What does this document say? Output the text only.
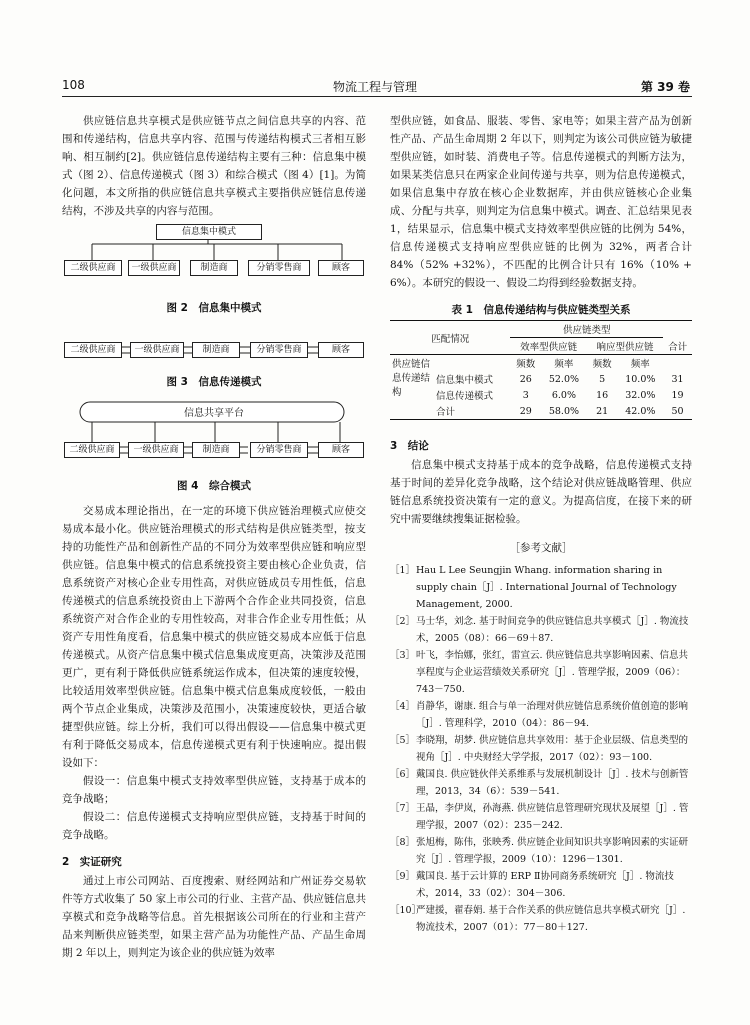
108	物流工程与管理	第 39 卷

供应链信息共享模式是供应链节点之间信息共享的内容、范围和传递结构，信息共享内容、范围与传递结构模式三者相互影响、相互制约[2]。供应链信息传递结构主要有三种：信息集中模式（图 2）、信息传递模式（图 3）和综合模式（图 4）[1]。为简化问题，本文所指的供应链信息共享模式主要指供应链信息传递结构，不涉及共享的内容与范围。

信息集中模式
二级供应商	一级供应商	制造商	分销零售商	顾客
图 2　信息集中模式
二级供应商	一级供应商	制造商	分销零售商	顾客
图 3　信息传递模式
信息共享平台
二级供应商	一级供应商	制造商	分销零售商	顾客
图 4　综合模式

交易成本理论指出，在一定的环境下供应链治理模式应使交易成本最小化。供应链治理模式的形式结构是供应链类型，按支持的功能性产品和创新性产品的不同分为效率型供应链和响应型供应链。信息集中模式的信息系统投资主要由核心企业负责，信息系统资产对核心企业专用性高，对供应链成员专用性低，信息传递模式的信息系统投资由上下游两个合作企业共同投资，信息系统资产对合作企业的专用性较高，对非合作企业专用性低；从资产专用性角度看，信息集中模式的供应链交易成本应低于信息传递模式。从资产信息集中模式信息集成度更高，决策涉及范围更广，更有利于降低供应链系统运作成本，但决策的速度较慢，比较适用效率型供应链。信息集中模式信息集成度较低，一般由两个节点企业集成，决策涉及范围小，决策速度较快，更适合敏捷型供应链。综上分析，我们可以得出假设——信息集中模式更有利于降低交易成本，信息传递模式更有利于快速响应。提出假设如下：

假设一：信息集中模式支持效率型供应链，支持基于成本的竞争战略；

假设二：信息传递模式支持响应型供应链，支持基于时间的竞争战略。

2　实证研究

通过上市公司网站、百度搜索、财经网站和广州证券交易软件等方式收集了 50 家上市公司的行业、主营产品、供应链信息共享模式和竞争战略等信息。首先根据该公司所在的行业和主营产品来判断供应链类型，如果主营产品为功能性产品、产品生命周期 2 年以上，则判定为该企业的供应链为效率

型供应链，如食品、服装、零售、家电等；如果主营产品为创新性产品、产品生命周期 2 年以下，则判定为该公司供应链为敏捷型供应链，如时装、消费电子等。信息传递模式的判断方法为，如果某类信息只在两家企业间传递与共享，则为信息传递模式，如果信息集中存放在核心企业数据库，并由供应链核心企业集成、分配与共享，则判定为信息集中模式。调查、汇总结果见表 1，结果显示，信息集中模式支持效率型供应链的比例为 54%，信息传递模式支持响应型供应链的比例为 32%，两者合计 84%（52% +32%），不匹配的比例合计只有 16%（10% + 6%）。本研究的假设一、假设二均得到经验数据支持。

表 1　信息传递结构与供应链类型关系
匹配情况		供应链类型				
		效率型供应链		响应型供应链		合计
供应链信息传递结构		频数	频率	频数	频率	
	信息集中模式	26	52.0%	5	10.0%	31
	信息传递模式	3	6.0%	16	32.0%	19
	合计	29	58.0%	21	42.0%	50
3　结论

信息集中模式支持基于成本的竞争战略，信息传递模式支持基于时间的差异化竞争战略，这个结论对供应链战略管理、供应链信息系统投资决策有一定的意义。为提高信度，在接下来的研究中需要继续搜集证据检验。

［参考文献］
［1］ Hau L Lee Seungjin Whang. information sharing in supply chain［J］. International Journal of Technology Management, 2000.
［2］ 马士华，刘念. 基于时间竞争的供应链信息共享模式［J］. 物流技术，2005（08）：66－69＋87.
［3］ 叶飞，李怡娜，张红，雷宣云. 供应链信息共享影响因素、信息共享程度与企业运营绩效关系研究［J］. 管理学报，2009（06）：743－750.
［4］ 肖静华，谢康. 组合与单一治理对供应链信息系统价值创造的影响［J］. 管理科学，2010（04）：86－94.
［5］ 李晓翔，胡梦. 供应链信息共享效用：基于企业层级、信息类型的视角［J］. 中央财经大学学报，2017（02）：93－100.
［6］ 戴国良. 供应链伙伴关系维系与发展机制设计［J］. 技术与创新管理，2013，34（6）：539－541.
［7］ 王晶，李伊岚，孙海燕. 供应链信息管理研究现状及展望［J］. 管理学报，2007（02）：235－242.
［8］ 张旭梅，陈伟，张映秀. 供应链企业间知识共享影响因素的实证研究［J］. 管理学报，2009（10）：1296－1301.
［9］ 戴国良. 基于云计算的 ERP Ⅱ协同商务系统研究［J］. 物流技术，2014，33（02）：304－306.
［10］
严建援，翟春娟. 基于合作关系的供应链信息共享模式研究［J］. 物流技术，2007（01）：77－80＋127.
